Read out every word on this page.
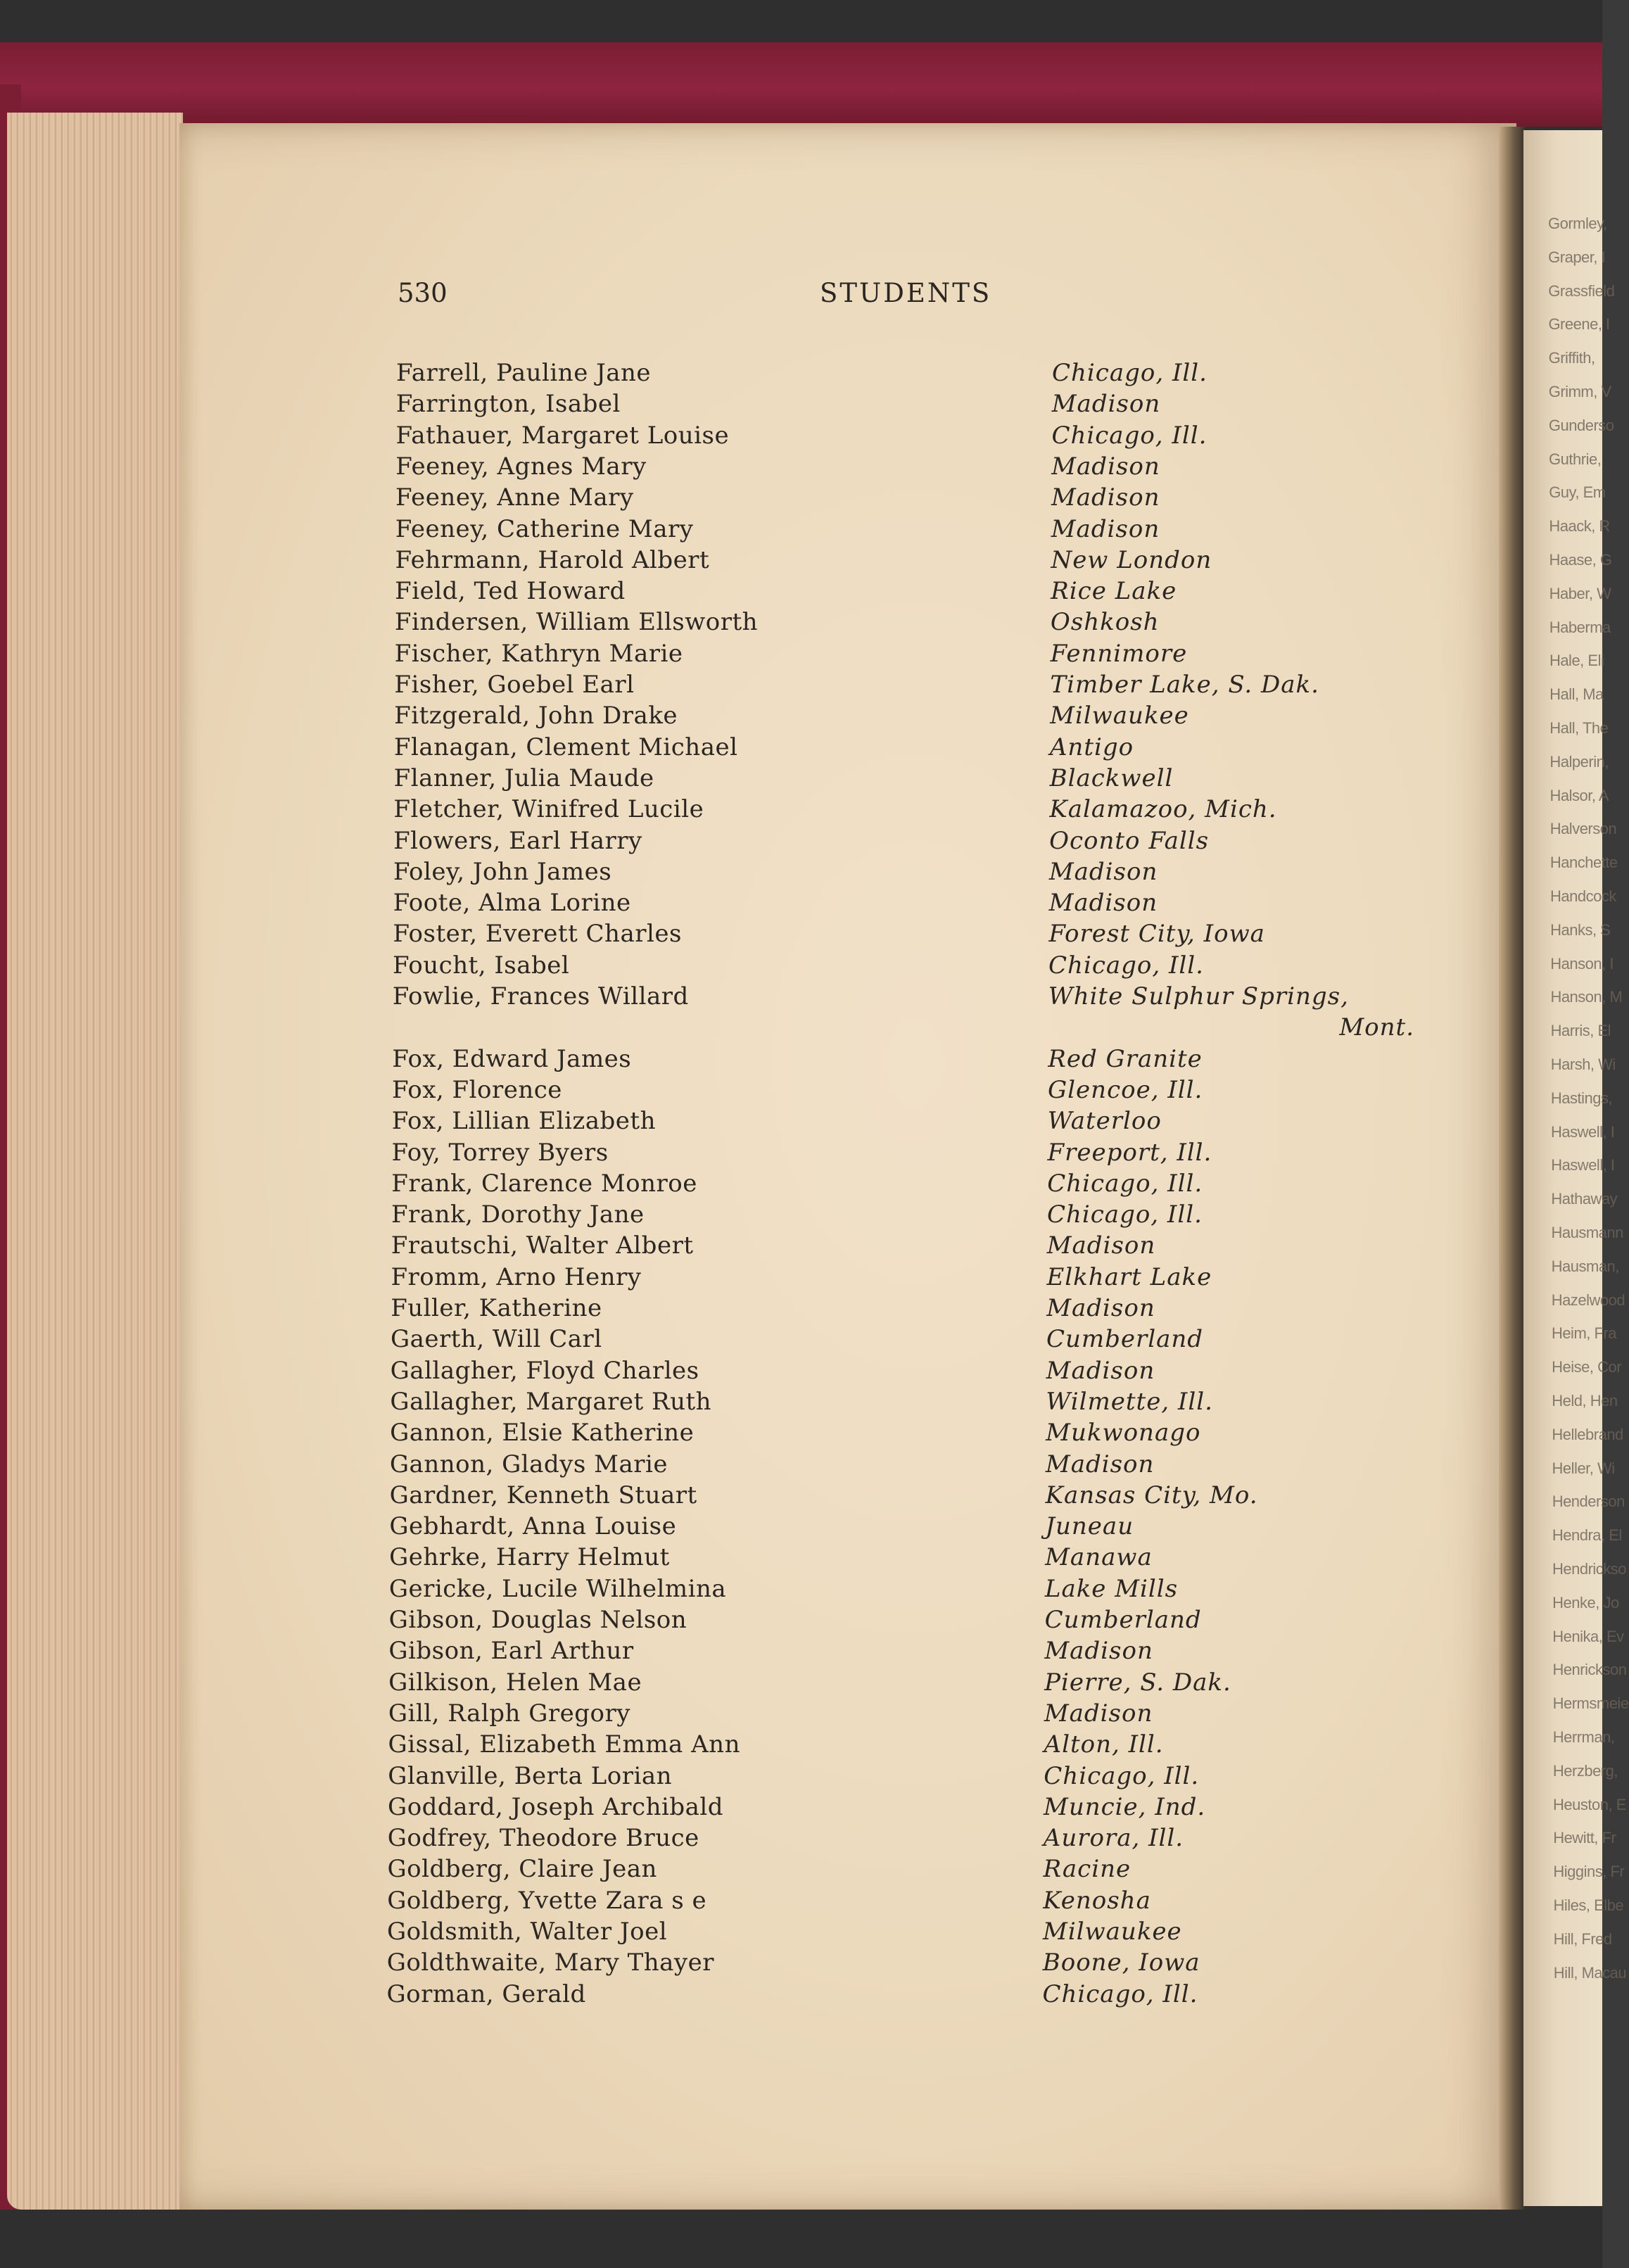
Gormley,
Graper, I
Grassfield
Greene, I
Griffith,
Grimm, V
Gunderso
Guthrie,
Guy, Em
Haack, R
Haase, G
Haber, W
Haberma
Hale, Eli
Hall, Ma
Hall, The
Halperin,
Halsor, A
Halverson
Hanchette
Handcock
Hanks, S
Hanson, I
Hanson, M
Harris, El
Harsh, Wi
Hastings,
Haswell, I
Haswell, I
Hathaway
Hausmann
Hausman,
Hazelwood
Heim, Fra
Heise, Cor
Held, Hen
Hellebrand
Heller, Wi
Henderson
Hendra, El
Hendrickso
Henke, Jo
Henika, Ev
Henrickson
Hermsmeie
Herrman,
Herzberg,
Heuston, E
Hewitt, Fr
Higgins, Fr
Hiles, Elbe
Hill, Fred
Hill, Macau
530	STUDENTS
Farrell, Pauline Jane	Chicago, Ill.
Farrington, Isabel	Madison
Fathauer, Margaret Louise	Chicago, Ill.
Feeney, Agnes Mary	Madison
Feeney, Anne Mary	Madison
Feeney, Catherine Mary	Madison
Fehrmann, Harold Albert	New London
Field, Ted Howard	Rice Lake
Findersen, William Ellsworth	Oshkosh
Fischer, Kathryn Marie	Fennimore
Fisher, Goebel Earl	Timber Lake, S. Dak.
Fitzgerald, John Drake	Milwaukee
Flanagan, Clement Michael	Antigo
Flanner, Julia Maude	Blackwell
Fletcher, Winifred Lucile	Kalamazoo, Mich.
Flowers, Earl Harry	Oconto Falls
Foley, John James	Madison
Foote, Alma Lorine	Madison
Foster, Everett Charles	Forest City, Iowa
Foucht, Isabel	Chicago, Ill.
Fowlie, Frances Willard	White Sulphur Springs,
Mont.
Fox, Edward James	Red Granite
Fox, Florence	Glencoe, Ill.
Fox, Lillian Elizabeth	Waterloo
Foy, Torrey Byers	Freeport, Ill.
Frank, Clarence Monroe	Chicago, Ill.
Frank, Dorothy Jane	Chicago, Ill.
Frautschi, Walter Albert	Madison
Fromm, Arno Henry	Elkhart Lake
Fuller, Katherine	Madison
Gaerth, Will Carl	Cumberland
Gallagher, Floyd Charles	Madison
Gallagher, Margaret Ruth	Wilmette, Ill.
Gannon, Elsie Katherine	Mukwonago
Gannon, Gladys Marie	Madison
Gardner, Kenneth Stuart	Kansas City, Mo.
Gebhardt, Anna Louise	Juneau
Gehrke, Harry Helmut	Manawa
Gericke, Lucile Wilhelmina	Lake Mills
Gibson, Douglas Nelson	Cumberland
Gibson, Earl Arthur	Madison
Gilkison, Helen Mae	Pierre, S. Dak.
Gill, Ralph Gregory	Madison
Gissal, Elizabeth Emma Ann	Alton, Ill.
Glanville, Berta Lorian	Chicago, Ill.
Goddard, Joseph Archibald	Muncie, Ind.
Godfrey, Theodore Bruce	Aurora, Ill.
Goldberg, Claire Jean	Racine
Goldberg, Yvette Zara s e	Kenosha
Goldsmith, Walter Joel	Milwaukee
Goldthwaite, Mary Thayer	Boone, Iowa
Gorman, Gerald	Chicago, Ill.
